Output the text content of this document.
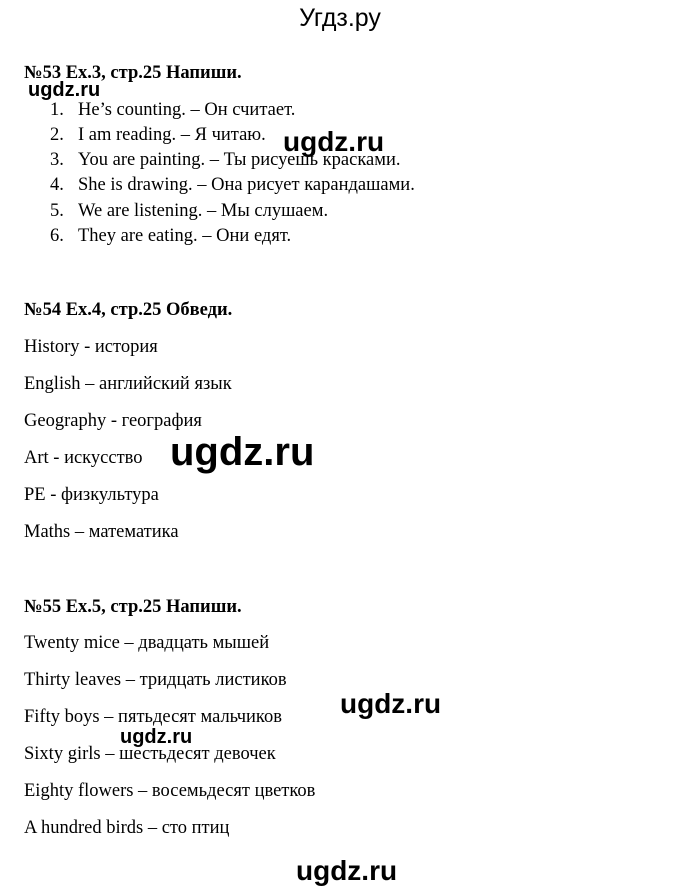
Угдз.ру
№53 Ex.3, стр.25 Напиши.
ugdz.ru
1. He’s counting. – Он считает.
2. I am reading. – Я читаю.
3. You are painting. – Ты рисуешь красками.
4. She is drawing. – Она рисует карандашами.
5. We are listening. – Мы слушаем.
6. They are eating. – Они едят.
ugdz.ru
№54 Ex.4, стр.25 Обведи.
History - история
English – английский язык
Geography - география
Art - искусство
PE - физкультура
Maths – математика
ugdz.ru
№55 Ex.5, стр.25 Напиши.
Twenty mice – двадцать мышей
Thirty leaves – тридцать листиков
Fifty boys – пятьдесят мальчиков
Sixty girls – шестьдесят девочек
Eighty flowers – восемьдесят цветков
A hundred birds – сто птиц
ugdz.ru
ugdz.ru
ugdz.ru
